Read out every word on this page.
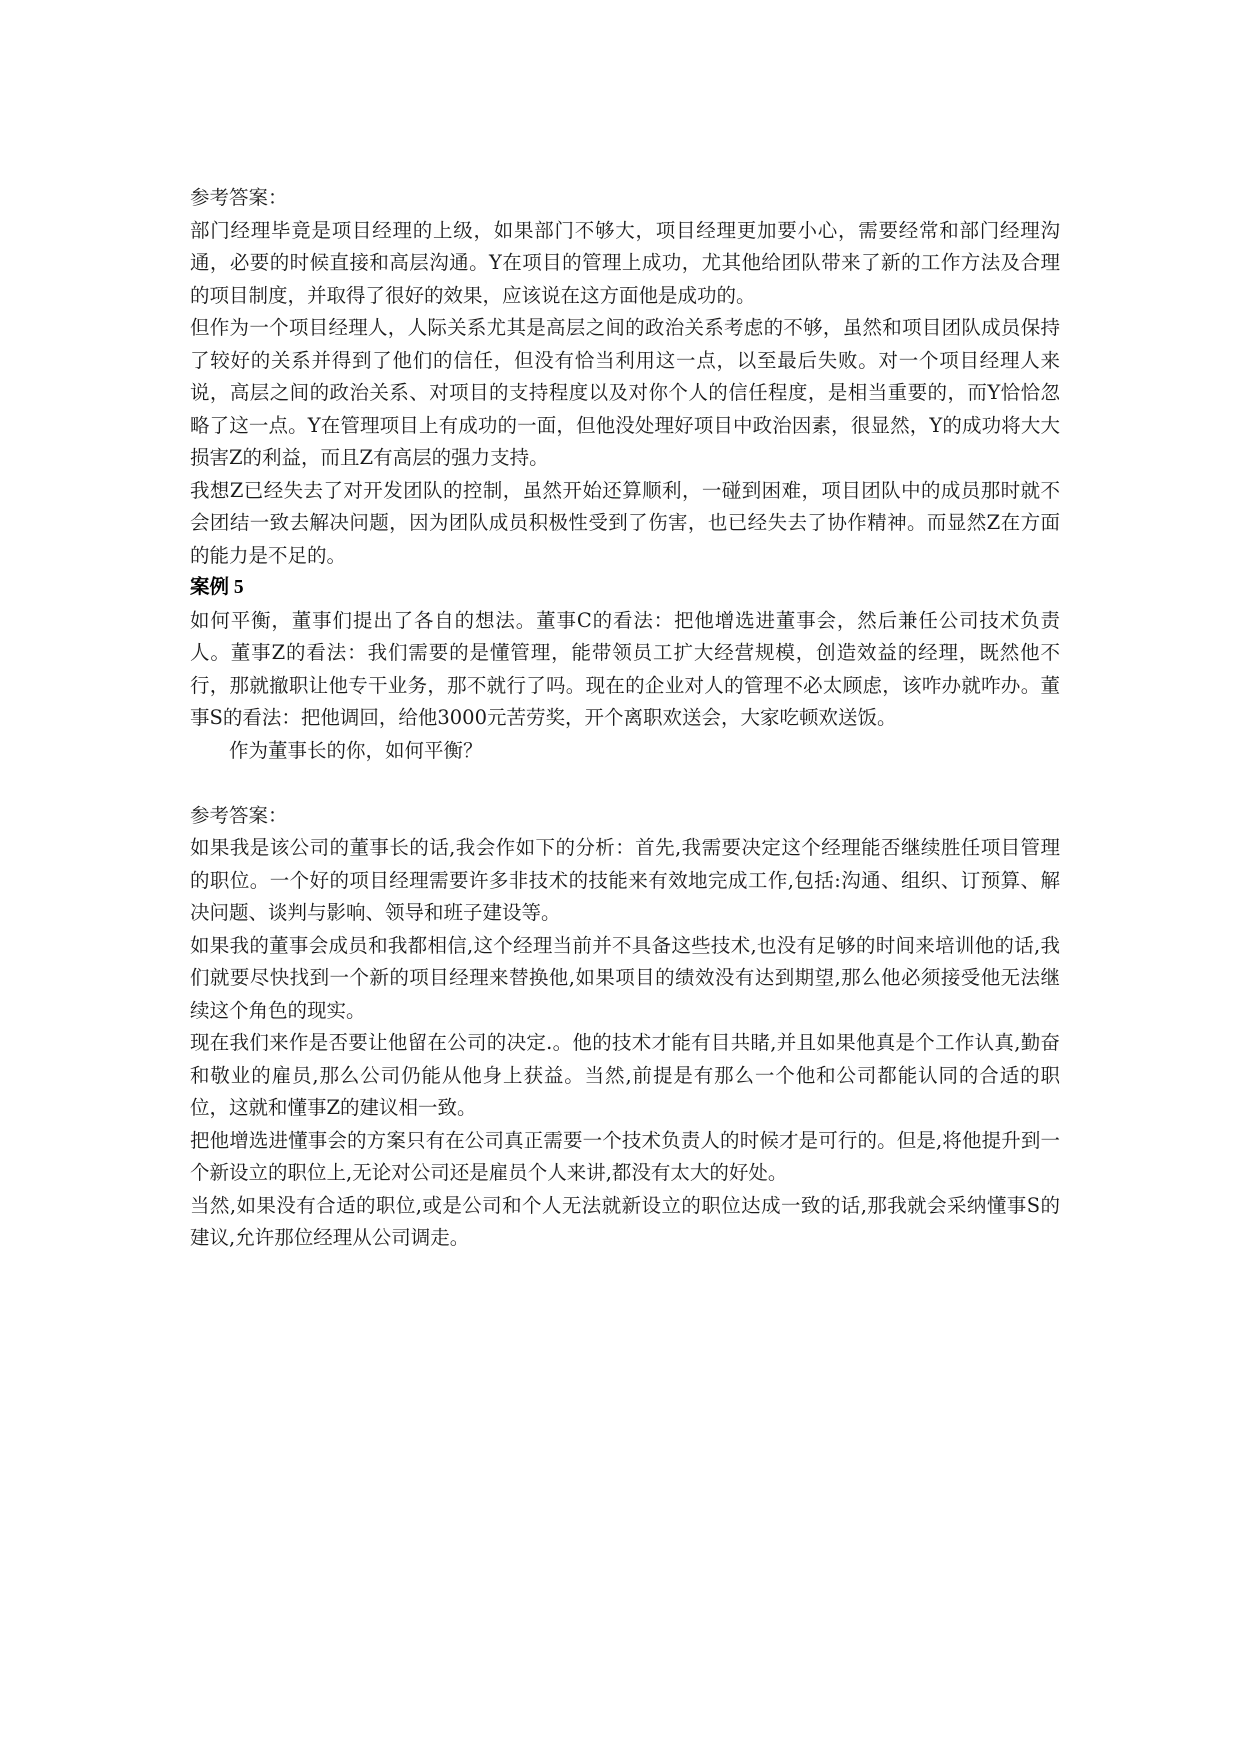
参考答案：

部门经理毕竟是项目经理的上级，如果部门不够大，项目经理更加要小心，需要经常和部门经理沟通，必要的时候直接和高层沟通。Y在项目的管理上成功，尤其他给团队带来了新的工作方法及合理的项目制度，并取得了很好的效果，应该说在这方面他是成功的。

但作为一个项目经理人，人际关系尤其是高层之间的政治关系考虑的不够，虽然和项目团队成员保持了较好的关系并得到了他们的信任，但没有恰当利用这一点，以至最后失败。对一个项目经理人来说，高层之间的政治关系、对项目的支持程度以及对你个人的信任程度，是相当重要的，而Y恰恰忽略了这一点。Y在管理项目上有成功的一面，但他没处理好项目中政治因素，很显然，Y的成功将大大损害Z的利益，而且Z有高层的强力支持。

我想Z已经失去了对开发团队的控制，虽然开始还算顺利，一碰到困难，项目团队中的成员那时就不会团结一致去解决问题，因为团队成员积极性受到了伤害，也已经失去了协作精神。而显然Z在方面的能力是不足的。

案例 5

如何平衡，董事们提出了各自的想法。董事C的看法：把他增选进董事会，然后兼任公司技术负责人。董事Z的看法：我们需要的是懂管理，能带领员工扩大经营规模，创造效益的经理，既然他不行，那就撤职让他专干业务，那不就行了吗。现在的企业对人的管理不必太顾虑，该咋办就咋办。董事S的看法：把他调回，给他3000元苦劳奖，开个离职欢送会，大家吃顿欢送饭。

作为董事长的你，如何平衡？

参考答案：

如果我是该公司的董事长的话,我会作如下的分析：首先,我需要决定这个经理能否继续胜任项目管理的职位。一个好的项目经理需要许多非技术的技能来有效地完成工作,包括:沟通、组织、订预算、解决问题、谈判与影响、领导和班子建设等。

如果我的董事会成员和我都相信,这个经理当前并不具备这些技术,也没有足够的时间来培训他的话,我们就要尽快找到一个新的项目经理来替换他,如果项目的绩效没有达到期望,那么他必须接受他无法继续这个角色的现实。

现在我们来作是否要让他留在公司的决定.。他的技术才能有目共睹,并且如果他真是个工作认真,勤奋和敬业的雇员,那么公司仍能从他身上获益。当然,前提是有那么一个他和公司都能认同的合适的职位，这就和懂事Z的建议相一致。

把他增选进懂事会的方案只有在公司真正需要一个技术负责人的时候才是可行的。但是,将他提升到一个新设立的职位上,无论对公司还是雇员个人来讲,都没有太大的好处。

当然,如果没有合适的职位,或是公司和个人无法就新设立的职位达成一致的话,那我就会采纳懂事S的建议,允许那位经理从公司调走。
